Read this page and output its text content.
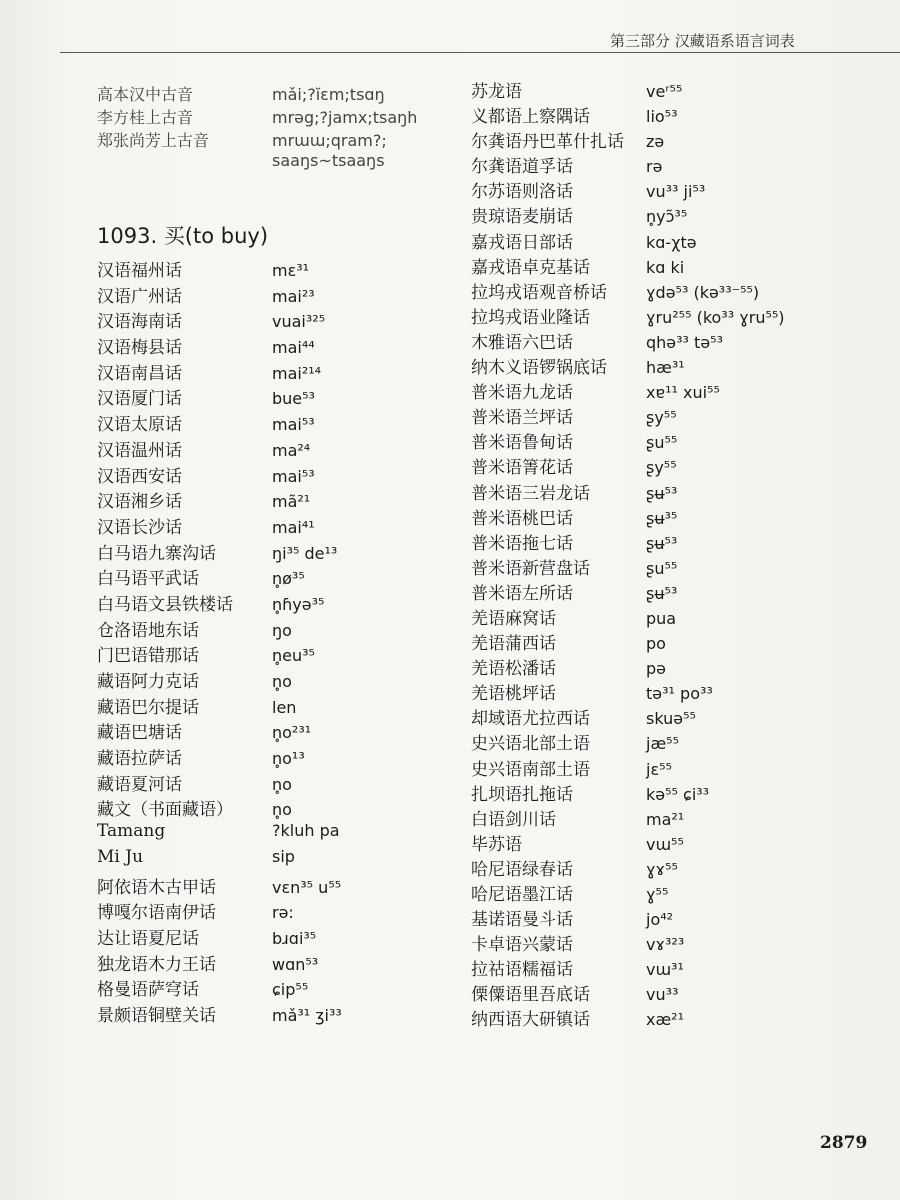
第三部分 汉藏语系语言词表
高本汉中古音	mǎi;?ĭɛm;tsɑŋ
李方桂上古音	mrəg;?jamx;tsaŋh
郑张尚芳上古音	mrɯɯ;qram?;
saaŋs~tsaaŋs
1093. 买(to buy)
汉语福州话	mɛ³¹
汉语广州话	mai²³
汉语海南话	vuai³²⁵
汉语梅县话	mai⁴⁴
汉语南昌话	mai²¹⁴
汉语厦门话	bue⁵³
汉语太原话	mai⁵³
汉语温州话	ma²⁴
汉语西安话	mai⁵³
汉语湘乡话	mã²¹
汉语长沙话	mai⁴¹
白马语九寨沟话	ŋi³⁵ de¹³
白马语平武话	n̥ø³⁵
白马语文县铁楼话	n̥ɦyə³⁵
仓洛语地东话	ŋo
门巴语错那话	n̥eu³⁵
藏语阿力克话	n̥o
藏语巴尔提话	len
藏语巴塘话	n̥o²³¹
藏语拉萨话	n̥o¹³
藏语夏河话	n̥o
藏文（书面藏语）	n̥o
Tamang	?kluh pa
Mi Ju	sip
阿依语木古甲话	vɛn³⁵ u⁵⁵
博嘎尔语南伊话	rə:
达让语夏尼话	bɹɑi³⁵
独龙语木力王话	wɑn⁵³
格曼语萨穹话	ɕip⁵⁵
景颇语铜壁关话	mǎ³¹ ʒi³³
苏龙语	veʳ⁵⁵
义都语上察隅话	lio⁵³
尔龚语丹巴革什扎话	zə
尔龚语道孚话	rə
尔苏语则洛话	vu³³ ji⁵³
贵琼语麦崩话	n̥yɔ̃³⁵
嘉戎语日部话	kɑ-χtə
嘉戎语卓克基话	kɑ ki
拉坞戎语观音桥话	ɣdə⁵³ (kə³³⁻⁵⁵)
拉坞戎语业隆话	ɣru²⁵⁵ (ko³³ ɣru⁵⁵)
木雅语六巴话	qhə³³ tə⁵³
纳木义语锣锅底话	hæ³¹
普米语九龙话	xɐ¹¹ xui⁵⁵
普米语兰坪话	ʂy⁵⁵
普米语鲁甸话	ʂu⁵⁵
普米语箐花话	ʂy⁵⁵
普米语三岩龙话	ʂʉ⁵³
普米语桃巴话	ʂʉ³⁵
普米语拖七话	ʂʉ⁵³
普米语新营盘话	ʂu⁵⁵
普米语左所话	ʂʉ⁵³
羌语麻窝话	pua
羌语蒲西话	po
羌语松潘话	pə
羌语桃坪话	tə³¹ po³³
却域语尤拉西话	skuə⁵⁵
史兴语北部土语	jæ⁵⁵
史兴语南部土语	jɛ⁵⁵
扎坝语扎拖话	kə⁵⁵ ɕi³³
白语剑川话	ma²¹
毕苏语	vɯ⁵⁵
哈尼语绿春话	ɣɤ⁵⁵
哈尼语墨江话	ɣ⁵⁵
基诺语曼斗话	jo⁴²
卡卓语兴蒙话	vɤ³²³
拉祜语糯福话	vɯ³¹
傈僳语里吾底话	vu³³
纳西语大研镇话	xæ²¹
2879
